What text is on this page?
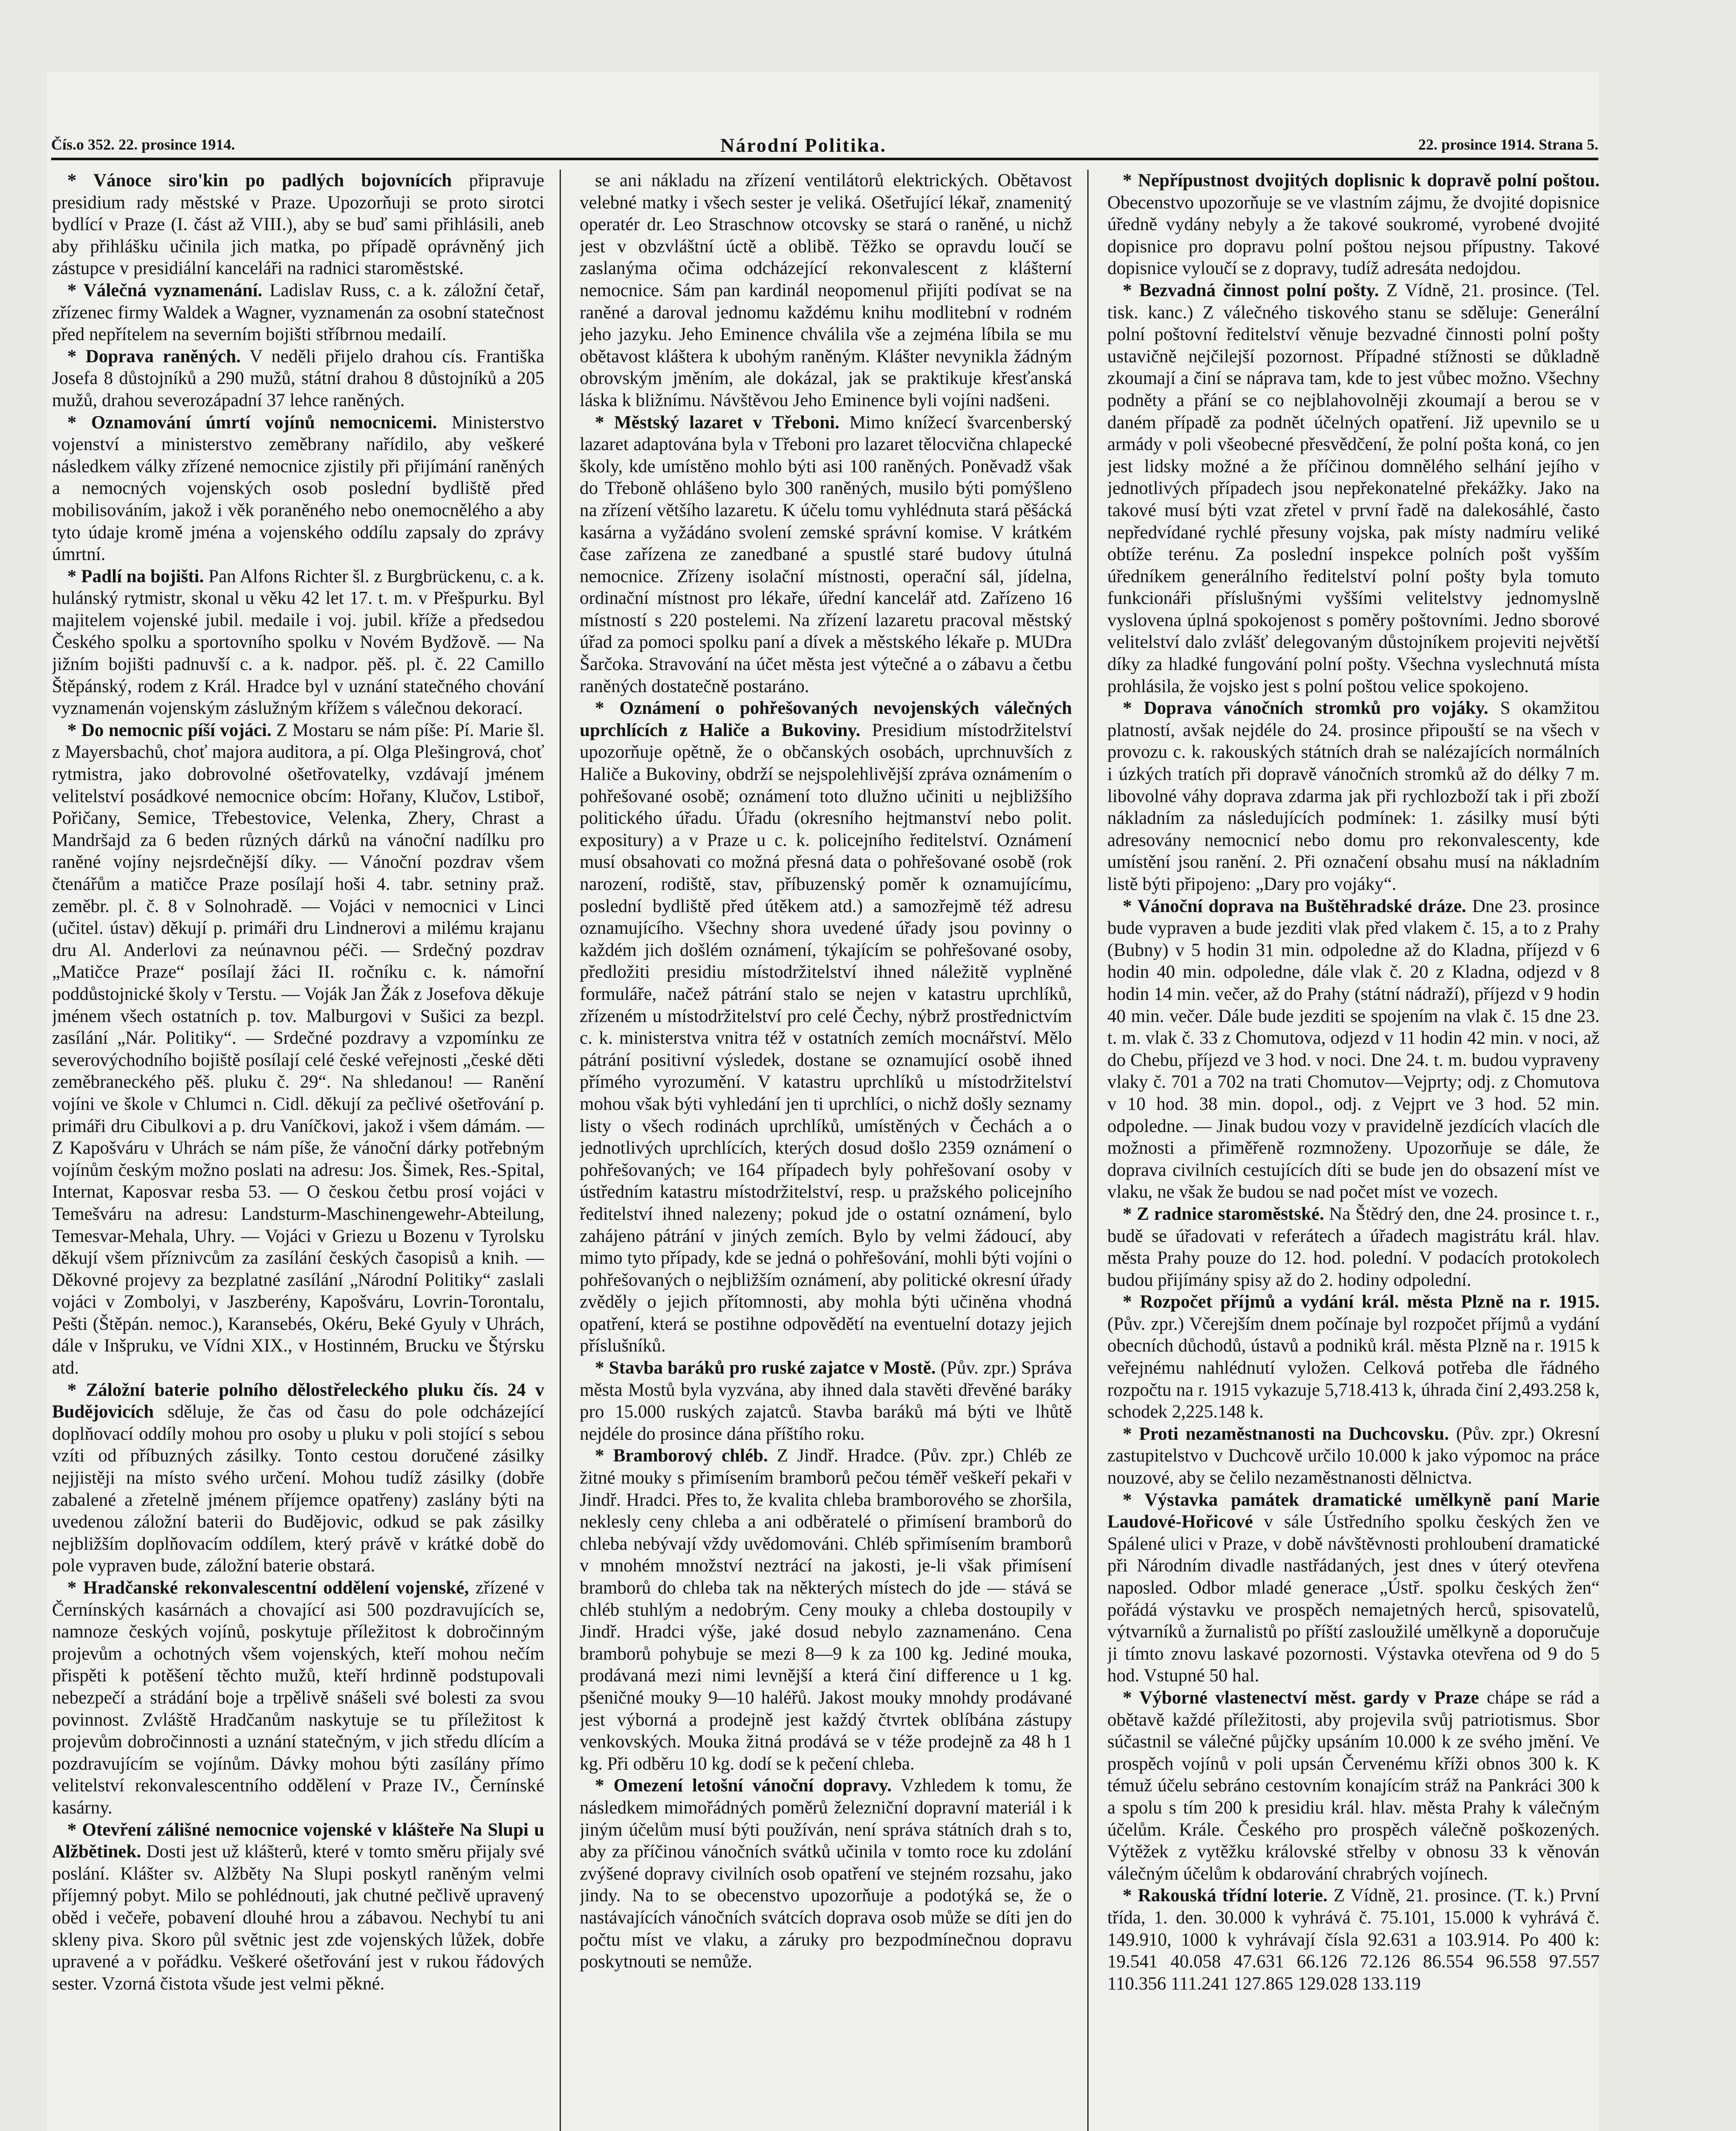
Čís.o 352. 22. prosince 1914.	Národní Politika.	22. prosince 1914. Strana 5.

* Vánoce siro'kin po padlých bojovnících připravuje presidium rady městské v Praze. Upozorňuji se proto sirotci bydlící v Praze (I. část až VIII.), aby se buď sami přihlásili, aneb aby přihlášku učinila jich matka, po případě oprávněný jich zástupce v presidiální kanceláři na radnici staroměstské.

* Válečná vyznamenání. Ladislav Russ, c. a k. záložní četař, zřízenec firmy Waldek a Wagner, vyznamenán za osobní statečnost před nepřítelem na severním bojišti stříbrnou medailí.

* Doprava raněných. V neděli přijelo drahou cís. Františka Josefa 8 důstojníků a 290 mužů, státní drahou 8 důstojníků a 205 mužů, drahou severozápadní 37 lehce raněných.

* Oznamování úmrtí vojínů nemocnicemi. Ministerstvo vojenství a ministerstvo zeměbrany nařídilo, aby veškeré následkem války zřízené nemocnice zjistily při přijímání raněných a nemocných vojenských osob poslední bydliště před mobilisováním, jakož i věk poraněného nebo onemocnělého a aby tyto údaje kromě jména a vojenského oddílu zapsaly do zprávy úmrtní.

* Padlí na bojišti. Pan Alfons Richter šl. z Burgbrückenu, c. a k. hulánský rytmistr, skonal u věku 42 let 17. t. m. v Přešpurku. Byl majitelem vojenské jubil. medaile i voj. jubil. kříže a předsedou Českého spolku a sportovního spolku v Novém Bydžově. — Na jižním bojišti padnuvší c. a k. nadpor. pěš. pl. č. 22 Camillo Štěpánský, rodem z Král. Hradce byl v uznání statečného chování vyznamenán vojenským záslužným křížem s válečnou dekorací.

* Do nemocnic píší vojáci. Z Mostaru se nám píše: Pí. Marie šl. z Mayersbachů, choť majora auditora, a pí. Olga Plešingrová, choť rytmistra, jako dobrovolné ošetřovatelky, vzdávají jménem velitelství posádkové nemocnice obcím: Hořany, Klučov, Lstiboř, Pořičany, Semice, Třebestovice, Velenka, Zhery, Chrast a Mandršajd za 6 beden různých dárků na vánoční nadílku pro raněné vojíny nejsrdečnější díky. — Vánoční pozdrav všem čtenářům a matičce Praze posílají hoši 4. tabr. setniny praž. zeměbr. pl. č. 8 v Solnohradě. — Vojáci v nemocnici v Linci (učitel. ústav) děkují p. primáři dru Lindnerovi a milému krajanu dru Al. Anderlovi za neúnavnou péči. — Srdečný pozdrav „Matičce Praze“ posílají žáci II. ročníku c. k. námořní poddůstojnické školy v Terstu. — Voják Jan Žák z Josefova děkuje jménem všech ostatních p. tov. Malburgovi v Sušici za bezpl. zasílání „Nár. Politiky“. — Srdečné pozdravy a vzpomínku ze severovýchodního bojiště posílají celé české veřejnosti „české děti zeměbraneckého pěš. pluku č. 29“. Na shledanou! — Ranění vojíni ve škole v Chlumci n. Cidl. děkují za pečlivé ošetřování p. primáři dru Cibulkovi a p. dru Vaníčkovi, jakož i všem dámám. — Z Kapošváru v Uhrách se nám píše, že vánoční dárky potřebným vojínům českým možno poslati na adresu: Jos. Šimek, Res.-Spital, Internat, Kaposvar resba 53. — O českou četbu prosí vojáci v Temešváru na adresu: Landsturm-Maschinengewehr-Abteilung, Temesvar-Mehala, Uhry. — Vojáci v Griezu u Bozenu v Tyrolsku děkují všem příznivcům za zasílání českých časopisů a knih. — Děkovné projevy za bezplatné zasílání „Národní Politiky“ zaslali vojáci v Zombolyi, v Jaszberény, Kapošváru, Lovrin-Torontalu, Pešti (Štěpán. nemoc.), Karansebés, Okéru, Beké Gyuly v Uhrách, dále v Inšpruku, ve Vídni XIX., v Hostinném, Brucku ve Štýrsku atd.

* Záložní baterie polního dělostřeleckého pluku čís. 24 v Budějovicích sděluje, že čas od času do pole odcházející doplňovací oddíly mohou pro osoby u pluku v poli stojící s sebou vzíti od příbuzných zásilky. Tonto cestou doručené zásilky nejjistěji na místo svého určení. Mohou tudíž zásilky (dobře zabalené a zřetelně jménem příjemce opatřeny) zaslány býti na uvedenou záložní baterii do Budějovic, odkud se pak zásilky nejbližším doplňovacím oddílem, který právě v krátké době do pole vypraven bude, záložní baterie obstará.

* Hradčanské rekonvalescentní oddělení vojenské, zřízené v Černínských kasárnách a chovající asi 500 pozdravujících se, namnoze českých vojínů, poskytuje příležitost k dobročinným projevům a ochotných všem vojenských, kteří mohou nečím přispěti k potěšení těchto mužů, kteří hrdinně podstupovali nebezpečí a strádání boje a trpělivě snášeli své bolesti za svou povinnost. Zvláště Hradčanům naskytuje se tu příležitost k projevům dobročinnosti a uznání statečným, v jich středu dlícím a pozdravujícím se vojínům. Dávky mohou býti zasílány přímo velitelství rekonvalescentního oddělení v Praze IV., Černínské kasárny.

* Otevření zálišné nemocnice vojenské v klášteře Na Slupi u Alžbětinek. Dosti jest už klášterů, které v tomto směru přijaly své poslání. Klášter sv. Alžběty Na Slupi poskytl raněným velmi příjemný pobyt. Milo se pohlédnouti, jak chutné pečlivě upravený oběd i večeře, pobavení dlouhé hrou a zábavou. Nechybí tu ani skleny piva. Skoro půl světnic jest zde vojenských lůžek, dobře upravené a v pořádku. Veškeré ošetřování jest v rukou řádových sester. Vzorná čistota všude jest velmi pěkné.

se ani nákladu na zřízení ventilátorů elektrických. Obětavost velebné matky i všech sester je veliká. Ošetřující lékař, znamenitý operatér dr. Leo Straschnow otcovsky se stará o raněné, u nichž jest v obzvláštní úctě a oblibě. Těžko se opravdu loučí se zaslanýma očima odcházející rekonvalescent z klášterní nemocnice. Sám pan kardinál neopomenul přijíti podívat se na raněné a daroval jednomu každému knihu modlitební v rodném jeho jazyku. Jeho Eminence chválila vše a zejména líbila se mu obětavost kláštera k ubohým raněným. Klášter nevynikla žádným obrovským jměním, ale dokázal, jak se praktikuje křesťanská láska k bližnímu. Návštěvou Jeho Eminence byli vojíni nadšeni.

* Městský lazaret v Třeboni. Mimo knížecí švarcenberský lazaret adaptována byla v Třeboni pro lazaret tělocvična chlapecké školy, kde umístěno mohlo býti asi 100 raněných. Poněvadž však do Třeboně ohlášeno bylo 300 raněných, musilo býti pomýšleno na zřízení většího lazaretu. K účelu tomu vyhlédnuta stará pěšácká kasárna a vyžádáno svolení zemské správní komise. V krátkém čase zařízena ze zanedbané a spustlé staré budovy útulná nemocnice. Zřízeny isolační místnosti, operační sál, jídelna, ordinační místnost pro lékaře, úřední kancelář atd. Zařízeno 16 místností s 220 postelemi. Na zřízení lazaretu pracoval městský úřad za pomoci spolku paní a dívek a městského lékaře p. MUDra Šarčoka. Stravování na účet města jest výtečné a o zábavu a četbu raněných dostatečně postaráno.

* Oznámení o pohřešovaných nevojenských válečných uprchlících z Haliče a Bukoviny. Presidium místodržitelství upozorňuje opětně, že o občanských osobách, uprchnuvších z Haliče a Bukoviny, obdrží se nejspolehlivější zpráva oznámením o pohřešované osobě; oznámení toto dlužno učiniti u nejbližšího politického úřadu. Úřadu (okresního hejtmanství nebo polit. expositury) a v Praze u c. k. policejního ředitelství. Oznámení musí obsahovati co možná přesná data o pohřešované osobě (rok narození, rodiště, stav, příbuzenský poměr k oznamujícímu, poslední bydliště před útěkem atd.) a samozřejmě též adresu oznamujícího. Všechny shora uvedené úřady jsou povinny o každém jich došlém oznámení, týkajícím se pohřešované osoby, předložiti presidiu místodržitelství ihned náležitě vyplněné formuláře, načež pátrání stalo se nejen v katastru uprchlíků, zřízeném u místodržitelství pro celé Čechy, nýbrž prostřednictvím c. k. ministerstva vnitra též v ostatních zemích mocnářství. Mělo pátrání positivní výsledek, dostane se oznamující osobě ihned přímého vyrozumění. V katastru uprchlíků u místodržitelství mohou však býti vyhledání jen ti uprchlíci, o nichž došly seznamy listy o všech rodinách uprchlíků, umístěných v Čechách a o jednotlivých uprchlících, kterých dosud došlo 2359 oznámení o pohřešovaných; ve 164 případech byly pohřešovaní osoby v ústředním katastru místodržitelství, resp. u pražského policejního ředitelství ihned nalezeny; pokud jde o ostatní oznámení, bylo zahájeno pátrání v jiných zemích. Bylo by velmi žádoucí, aby mimo tyto případy, kde se jedná o pohřešování, mohli býti vojíni o pohřešovaných o nejbližším oznámení, aby politické okresní úřady zvěděly o jejich přítomnosti, aby mohla býti učiněna vhodná opatření, která se postihne odpovědětí na eventuelní dotazy jejich příslušníků.

* Stavba baráků pro ruské zajatce v Mostě. (Pův. zpr.) Správa města Mostů byla vyzvána, aby ihned dala stavěti dřevěné baráky pro 15.000 ruských zajatců. Stavba baráků má býti ve lhůtě nejdéle do prosince dána příštího roku.

* Bramborový chléb. Z Jindř. Hradce. (Pův. zpr.) Chléb ze žitné mouky s přimísením bramborů pečou téměř veškeří pekaři v Jindř. Hradci. Přes to, že kvalita chleba bramborového se zhoršila, neklesly ceny chleba a ani odběratelé o přimísení bramborů do chleba nebývají vždy uvědomováni. Chléb spřimísením bramborů v mnohém množství neztrácí na jakosti, je-li však přimísení bramborů do chleba tak na některých místech do jde — stává se chléb stuhlým a nedobrým. Ceny mouky a chleba dostoupily v Jindř. Hradci výše, jaké dosud nebylo zaznamenáno. Cena bramborů pohybuje se mezi 8—9 k za 100 kg. Jediné mouka, prodávaná mezi nimi levnější a která činí difference u 1 kg. pšeničné mouky 9—10 haléřů. Jakost mouky mnohdy prodávané jest výborná a prodejně jest každý čtvrtek oblíbána zástupy venkovských. Mouka žitná prodává se v téže prodejně za 48 h 1 kg. Při odběru 10 kg. dodí se k pečení chleba.

* Omezení letošní vánoční dopravy. Vzhledem k tomu, že následkem mimořádných poměrů železniční dopravní materiál i k jiným účelům musí býti používán, není správa státních drah s to, aby za příčinou vánočních svátků učinila v tomto roce ku zdolání zvýšené dopravy civilních osob opatření ve stejném rozsahu, jako jindy. Na to se obecenstvo upozorňuje a podotýká se, že o nastávajících vánočních svátcích doprava osob může se díti jen do počtu míst ve vlaku, a záruky pro bezpodmínečnou dopravu poskytnouti se nemůže.

* Nepřípustnost dvojitých doplisnic k dopravě polní poštou. Obecenstvo upozorňuje se ve vlastním zájmu, že dvojité dopisnice úředně vydány nebyly a že takové soukromé, vyrobené dvojité dopisnice pro dopravu polní poštou nejsou přípustny. Takové dopisnice vyloučí se z dopravy, tudíž adresáta nedojdou.

* Bezvadná činnost polní pošty. Z Vídně, 21. prosince. (Tel. tisk. kanc.) Z válečného tiskového stanu se sděluje: Generální polní poštovní ředitelství věnuje bezvadné činnosti polní pošty ustavičně nejčilejší pozornost. Případné stížnosti se důkladně zkoumají a činí se náprava tam, kde to jest vůbec možno. Všechny podněty a přání se co nejblahovolněji zkoumají a berou se v daném případě za podnět účelných opatření. Již upevnilo se u armády v poli všeobecné přesvědčení, že polní pošta koná, co jen jest lidsky možné a že příčinou domnělého selhání jejího v jednotlivých případech jsou nepřekonatelné překážky. Jako na takové musí býti vzat zřetel v první řadě na dalekosáhlé, často nepředvídané rychlé přesuny vojska, pak místy nadmíru veliké obtíže terénu. Za poslední inspekce polních pošt vyšším úředníkem generálního ředitelství polní pošty byla tomuto funkcionáři příslušnými vyššími velitelstvy jednomyslně vyslovena úplná spokojenost s poměry poštovními. Jedno sborové velitelství dalo zvlášť delegovaným důstojníkem projeviti největší díky za hladké fungování polní pošty. Všechna vyslechnutá místa prohlásila, že vojsko jest s polní poštou velice spokojeno.

* Doprava vánočních stromků pro vojáky. S okamžitou platností, avšak nejdéle do 24. prosince připouští se na všech v provozu c. k. rakouských státních drah se nalézajících normálních i úzkých tratích při dopravě vánočních stromků až do délky 7 m. libovolné váhy doprava zdarma jak při rychlozboží tak i při zboží nákladním za následujících podmínek: 1. zásilky musí býti adresovány nemocnicí nebo domu pro rekonvalescenty, kde umístění jsou ranění. 2. Při označení obsahu musí na nákladním listě býti připojeno: „Dary pro vojáky“.

* Vánoční doprava na Buštěhradské dráze. Dne 23. prosince bude vypraven a bude jezditi vlak před vlakem č. 15, a to z Prahy (Bubny) v 5 hodin 31 min. odpoledne až do Kladna, příjezd v 6 hodin 40 min. odpoledne, dále vlak č. 20 z Kladna, odjezd v 8 hodin 14 min. večer, až do Prahy (státní nádraží), příjezd v 9 hodin 40 min. večer. Dále bude jezditi se spojením na vlak č. 15 dne 23. t. m. vlak č. 33 z Chomutova, odjezd v 11 hodin 42 min. v noci, až do Chebu, příjezd ve 3 hod. v noci. Dne 24. t. m. budou vypraveny vlaky č. 701 a 702 na trati Chomutov—Vejprty; odj. z Chomutova v 10 hod. 38 min. dopol., odj. z Vejprt ve 3 hod. 52 min. odpoledne. — Jinak budou vozy v pravidelně jezdících vlacích dle možnosti a přiměřeně rozmnoženy. Upozorňuje se dále, že doprava civilních cestujících díti se bude jen do obsazení míst ve vlaku, ne však že budou se nad počet míst ve vozech.

* Z radnice staroměstské. Na Štědrý den, dne 24. prosince t. r., budě se úřadovati v referátech a úřadech magistrátu král. hlav. města Prahy pouze do 12. hod. polední. V podacích protokolech budou přijímány spisy až do 2. hodiny odpolední.

* Rozpočet příjmů a vydání král. města Plzně na r. 1915. (Pův. zpr.) Včerejším dnem počínaje byl rozpočet příjmů a vydání obecních důchodů, ústavů a podniků král. města Plzně na r. 1915 k veřejnému nahlédnutí vyložen. Celková potřeba dle řádného rozpočtu na r. 1915 vykazuje 5,718.413 k, úhrada činí 2,493.258 k, schodek 2,225.148 k.

* Proti nezaměstnanosti na Duchcovsku. (Pův. zpr.) Okresní zastupitelstvo v Duchcově určilo 10.000 k jako výpomoc na práce nouzové, aby se čelilo nezaměstnanosti dělnictva.

* Výstavka památek dramatické umělkyně paní Marie Laudové-Hořicové v sále Ústředního spolku českých žen ve Spálené ulici v Praze, v době návštěvnosti prohloubení dramatické při Národním divadle nastřádaných, jest dnes v úterý otevřena naposled. Odbor mladé generace „Ústř. spolku českých žen“ pořádá výstavku ve prospěch nemajetných herců, spisovatelů, výtvarníků a žurnalistů po příští zasloužilé umělkyně a doporučuje ji tímto znovu laskavé pozornosti. Výstavka otevřena od 9 do 5 hod. Vstupné 50 hal.

* Výborné vlastenectví měst. gardy v Praze chápe se rád a obětavě každé příležitosti, aby projevila svůj patriotismus. Sbor súčastnil se válečné půjčky upsáním 10.000 k ze svého jmění. Ve prospěch vojínů v poli upsán Červenému kříži obnos 300 k. K témuž účelu sebráno cestovním konajícím stráž na Pankráci 300 k a spolu s tím 200 k presidiu král. hlav. města Prahy k válečným účelům. Krále. Českého pro prospěch válečně poškozených. Výtěžek z vytěžku královské střelby v obnosu 33 k věnován válečným účelům k obdarování chrabrých vojínech.

* Rakouská třídní loterie. Z Vídně, 21. prosince. (T. k.) První třída, 1. den. 30.000 k vyhrává č. 75.101, 15.000 k vyhrává č. 149.910, 1000 k vyhrávají čísla 92.631 a 103.914. Po 400 k: 19.541 40.058 47.631 66.126 72.126 86.554 96.558 97.557 110.356 111.241 127.865 129.028 133.119
